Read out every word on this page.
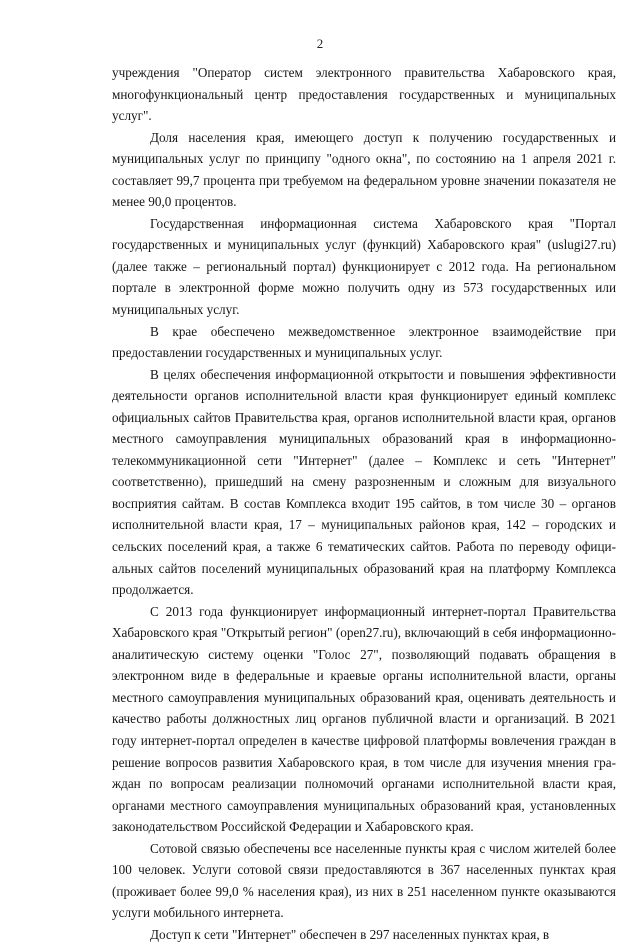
2

учреждения "Оператор систем электронного правительства Хабаровского края, многофункциональный центр предоставления государственных и муниципальных услуг".

Доля населения края, имеющего доступ к получению государственных и муниципальных услуг по принципу "одного окна", по состоянию на 1 апреля 2021 г. составляет 99,7 процента при требуемом на федеральном уровне значении показателя не менее 90,0 процентов.

Государственная информационная система Хабаровского края "Портал государственных и муниципальных услуг (функций) Хабаровского края" (uslugi27.ru) (далее также – региональный портал) функционирует с 2012 года. На региональном портале в электронной форме можно получить одну из 573 государственных или муниципальных услуг.

В крае обеспечено межведомственное электронное взаимодействие при предоставлении государственных и муниципальных услуг.

В целях обеспечения информационной открытости и повышения эффективности деятельности органов исполнительной власти края функционирует единый комплекс официальных сайтов Правительства края, органов исполнительной власти края, органов местного самоуправления муниципальных образований края в информационно-телекоммуникационной сети "Интернет" (далее – Комплекс и сеть "Интернет" соответственно), пришедший на смену разрозненным и сложным для визуального восприятия сайтам. В состав Комплекса входит 195 сайтов, в том числе 30 – органов исполнительной власти края, 17 – муниципальных районов края, 142 – городских и сельских поселений края, а также 6 тематических сайтов. Работа по переводу официальных сайтов поселений муниципальных образований края на платформу Комплекса продолжается.

С 2013 года функционирует информационный интернет-портал Правительства Хабаровского края "Открытый регион" (open27.ru), включающий в себя информационно-аналитическую систему оценки "Голос 27", позволяющий подавать обращения в электронном виде в федеральные и краевые органы исполнительной власти, органы местного самоуправления муниципальных образований края, оценивать деятельность и качество работы должностных лиц органов публичной власти и организаций. В 2021 году интернет-портал определен в качестве цифровой платформы вовлечения граждан в решение вопросов развития Хабаровского края, в том числе для изучения мнения граждан по вопросам реализации полномочий органами исполнительной власти края, органами местного самоуправления муниципальных образований края, установленных законодательством Российской Федерации и Хабаровского края.

Сотовой связью обеспечены все населенные пункты края с числом жителей более 100 человек. Услуги сотовой связи предоставляются в 367 населенных пунктах края (проживает более 99,0 % населения края), из них в 251 населенном пункте оказываются услуги мобильного интернета.

Доступ к сети "Интернет" обеспечен в 297 населенных пунктах края, в
